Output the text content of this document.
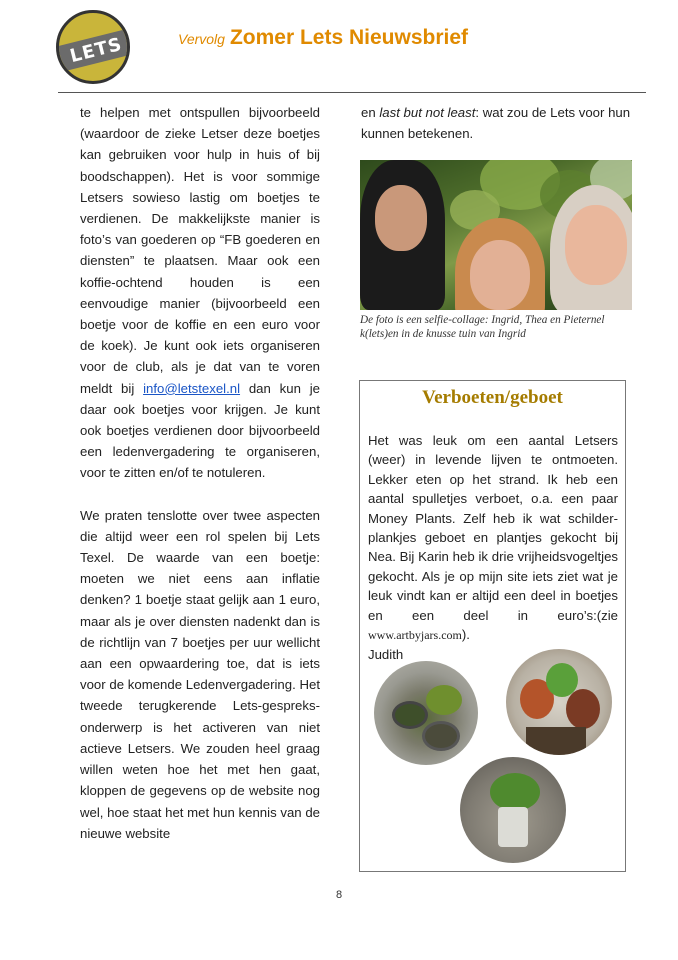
LETS	Vervolg Zomer Lets Nieuwsbrief

te helpen met ontspullen bijvoorbeeld (waardoor de zieke Letser deze boetjes kan gebruiken voor hulp in huis of bij boodschappen). Het is voor sommige Letsers sowieso lastig om boetjes te verdienen. De makkelijkste manier is foto’s van goederen op “FB goederen en diensten” te plaatsen. Maar ook een koffie-ochtend houden is een eenvoudige manier (bijvoorbeeld een boetje voor de koffie en een euro voor de koek). Je kunt ook iets organiseren voor de club, als je dat van te voren meldt bij info@letstexel.nl dan kun je daar ook boetjes voor krijgen. Je kunt ook boetjes verdienen door bijvoorbeeld een ledenvergadering te organiseren, voor te zitten en/of te notuleren.

We praten tenslotte over twee aspecten die altijd weer een rol spelen bij Lets Texel. De waarde van een boetje: moeten we niet eens aan inflatie denken? 1 boetje staat gelijk aan 1 euro, maar als je over diensten nadenkt dan is de richtlijn van 7 boetjes per uur wellicht aan een opwaardering toe, dat is iets voor de komende Ledenvergadering. Het tweede terugkerende Lets-gespreksonderwerp is het activeren van niet actieve Letsers. We zouden heel graag willen weten hoe het met hen gaat, kloppen de gegevens op de website nog wel, hoe staat het met hun kennis van de nieuwe website

en last but not least: wat zou de Lets voor hun kunnen betekenen.
De foto is een selfie-collage: Ingrid, Thea en Pieternel k(lets)en in de knusse tuin van Ingrid
Verboeten/geboet
Het was leuk om een aantal Letsers (weer) in levende lijven te ontmoeten. Lekker eten op het strand. Ik heb een aantal spulletjes verboet, o.a. een paar Money Plants. Zelf heb ik wat schilderplankjes geboet en plantjes gekocht bij Nea. Bij Karin heb ik drie vrijheidsvogeltjes gekocht. Als je op mijn site iets ziet wat je leuk vindt kan er altijd een deel in boetjes en een deel in euro’s:(zie www.artbyjars.com).
Judith
8
